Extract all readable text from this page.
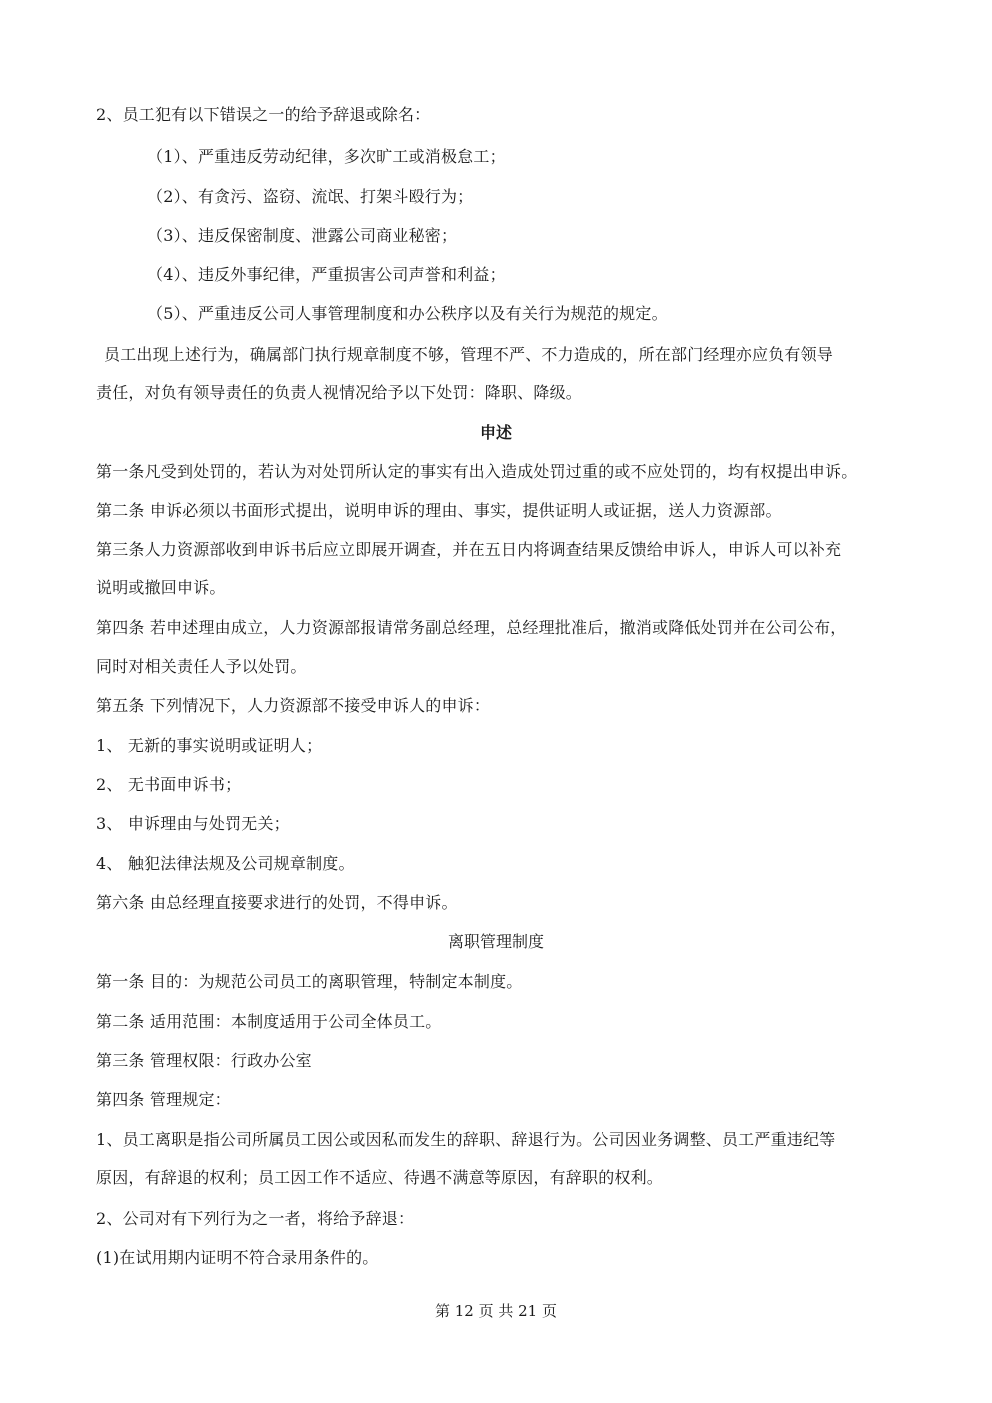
2、员工犯有以下错误之一的给予辞退或除名：
（1）、严重违反劳动纪律，多次旷工或消极怠工；
（2）、有贪污、盗窃、流氓、打架斗殴行为；
（3）、违反保密制度、泄露公司商业秘密；
（4）、违反外事纪律，严重损害公司声誉和利益；
（5）、严重违反公司人事管理制度和办公秩序以及有关行为规范的规定。
员工出现上述行为，确属部门执行规章制度不够，管理不严、不力造成的，所在部门经理亦应负有领导
责任，对负有领导责任的负责人视情况给予以下处罚：降职、降级。
申述
第一条凡受到处罚的，若认为对处罚所认定的事实有出入造成处罚过重的或不应处罚的，均有权提出申诉。
第二条 申诉必须以书面形式提出，说明申诉的理由、事实，提供证明人或证据，送人力资源部。
第三条人力资源部收到申诉书后应立即展开调查，并在五日内将调查结果反馈给申诉人，申诉人可以补充
说明或撤回申诉。
第四条 若申述理由成立，人力资源部报请常务副总经理，总经理批准后，撤消或降低处罚并在公司公布，
同时对相关责任人予以处罚。
第五条 下列情况下，人力资源部不接受申诉人的申诉：
1、 无新的事实说明或证明人；
2、 无书面申诉书；
3、 申诉理由与处罚无关；
4、 触犯法律法规及公司规章制度。
第六条 由总经理直接要求进行的处罚，不得申诉。
离职管理制度
第一条 目的：为规范公司员工的离职管理，特制定本制度。
第二条 适用范围：本制度适用于公司全体员工。
第三条 管理权限：行政办公室
第四条 管理规定：
1、员工离职是指公司所属员工因公或因私而发生的辞职、辞退行为。公司因业务调整、员工严重违纪等
原因，有辞退的权利；员工因工作不适应、待遇不满意等原因，有辞职的权利。
2、公司对有下列行为之一者，将给予辞退：
(1)在试用期内证明不符合录用条件的。
第 12 页 共 21 页
